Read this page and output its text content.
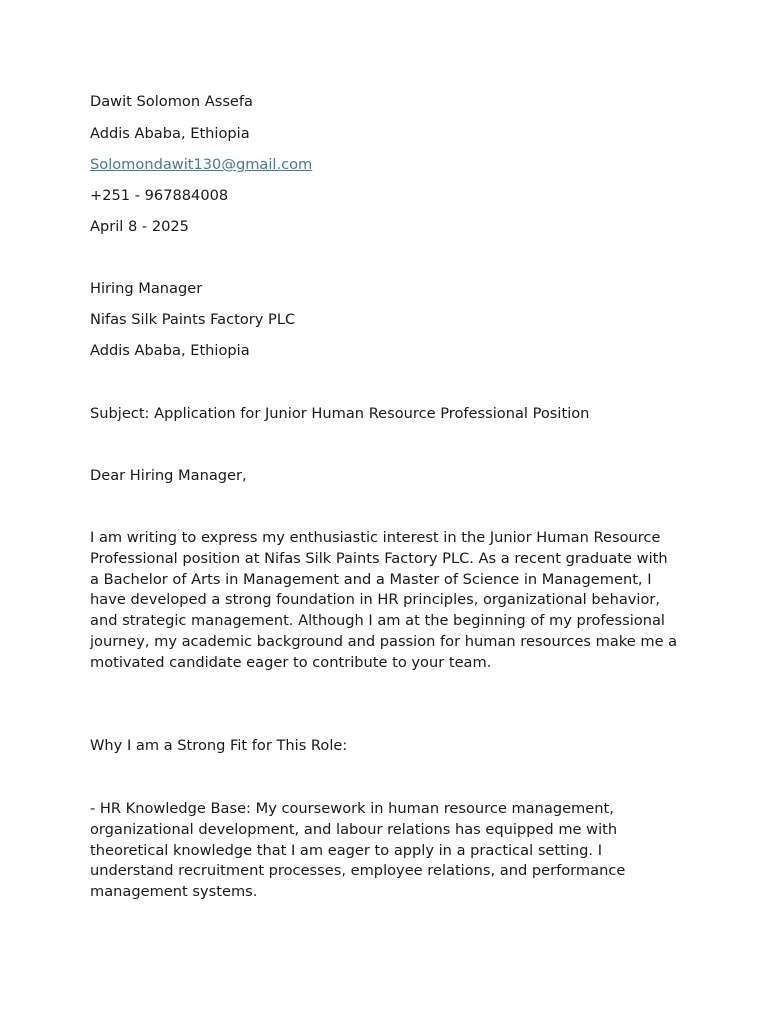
Dawit Solomon Assefa
Addis Ababa, Ethiopia
Solomondawit130@gmail.com
+251 - 967884008
April 8 - 2025
Hiring Manager
Nifas Silk Paints Factory PLC
Addis Ababa, Ethiopia
Subject: Application for Junior Human Resource Professional Position
Dear Hiring Manager,
I am writing to express my enthusiastic interest in the Junior Human Resource Professional position at Nifas Silk Paints Factory PLC. As a recent graduate with a Bachelor of Arts in Management and a Master of Science in Management, I have developed a strong foundation in HR principles, organizational behavior, and strategic management. Although I am at the beginning of my professional journey, my academic background and passion for human resources make me a motivated candidate eager to contribute to your team.
Why I am a Strong Fit for This Role:
- HR Knowledge Base: My coursework in human resource management, organizational development, and labour relations has equipped me with theoretical knowledge that I am eager to apply in a practical setting. I understand recruitment processes, employee relations, and performance management systems.
